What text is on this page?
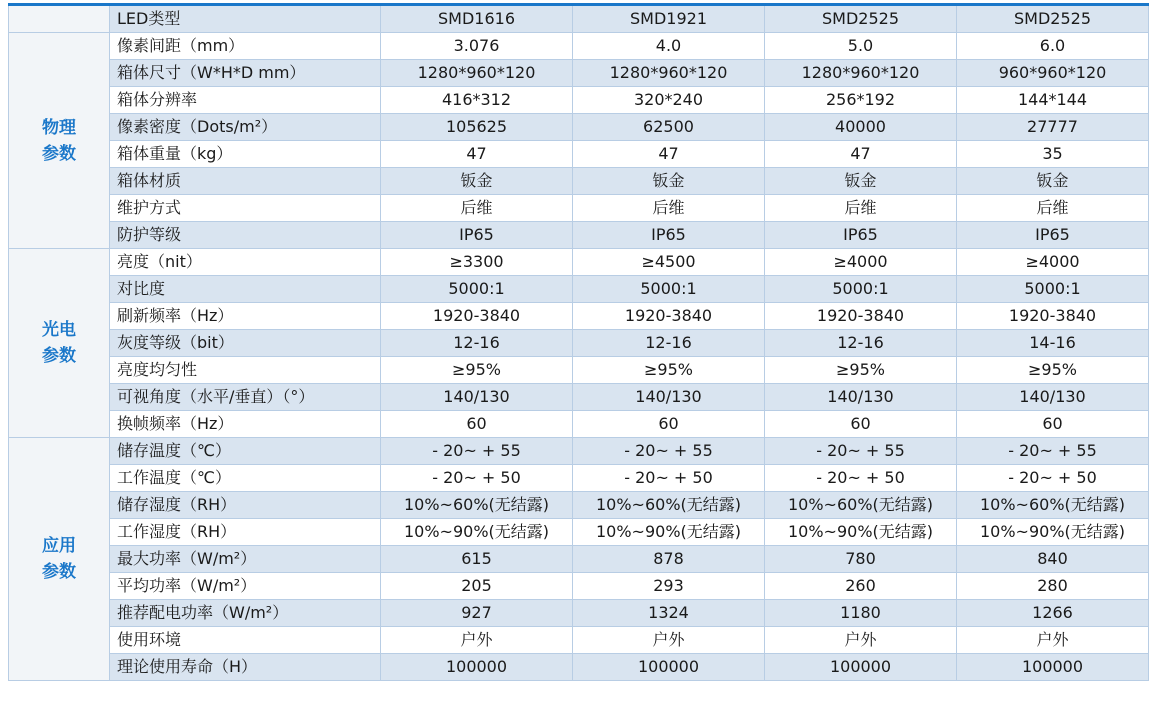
	LED类型	SMD1616	SMD1921	SMD2525	SMD2525

物理
参数	像素间距（mm）	3.076	4.0	5.0	6.0
	箱体尺寸（W*H*D mm）	1280*960*120	1280*960*120	1280*960*120	960*960*120
	箱体分辨率	416*312	320*240	256*192	144*144
	像素密度（Dots/m²）	105625	62500	40000	27777
	箱体重量（kg）	47	47	47	35
	箱体材质	钣金	钣金	钣金	钣金
	维护方式	后维	后维	后维	后维
	防护等级	IP65	IP65	IP65	IP65

光电
参数	亮度（nit）	≥3300	≥4500	≥4000	≥4000
	对比度	5000:1	5000:1	5000:1	5000:1
	刷新频率（Hz）	1920-3840	1920-3840	1920-3840	1920-3840
	灰度等级（bit）	12-16	12-16	12-16	14-16
	亮度均匀性	≥95%	≥95%	≥95%	≥95%
	可视角度（水平/垂直）（°）	140/130	140/130	140/130	140/130
	换帧频率（Hz）	60	60	60	60

应用
参数	储存温度（℃）	- 20~ + 55	- 20~ + 55	- 20~ + 55	- 20~ + 55
	工作温度（℃）	- 20~ + 50	- 20~ + 50	- 20~ + 50	- 20~ + 50
	储存湿度（RH）	10%~60%(无结露)	10%~60%(无结露)	10%~60%(无结露)	10%~60%(无结露)
	工作湿度（RH）	10%~90%(无结露)	10%~90%(无结露)	10%~90%(无结露)	10%~90%(无结露)
	最大功率（W/m²）	615	878	780	840
	平均功率（W/m²）	205	293	260	280
	推荐配电功率（W/m²）	927	1324	1180	1266
	使用环境	户外	户外	户外	户外
	理论使用寿命（H）	100000	100000	100000	100000
